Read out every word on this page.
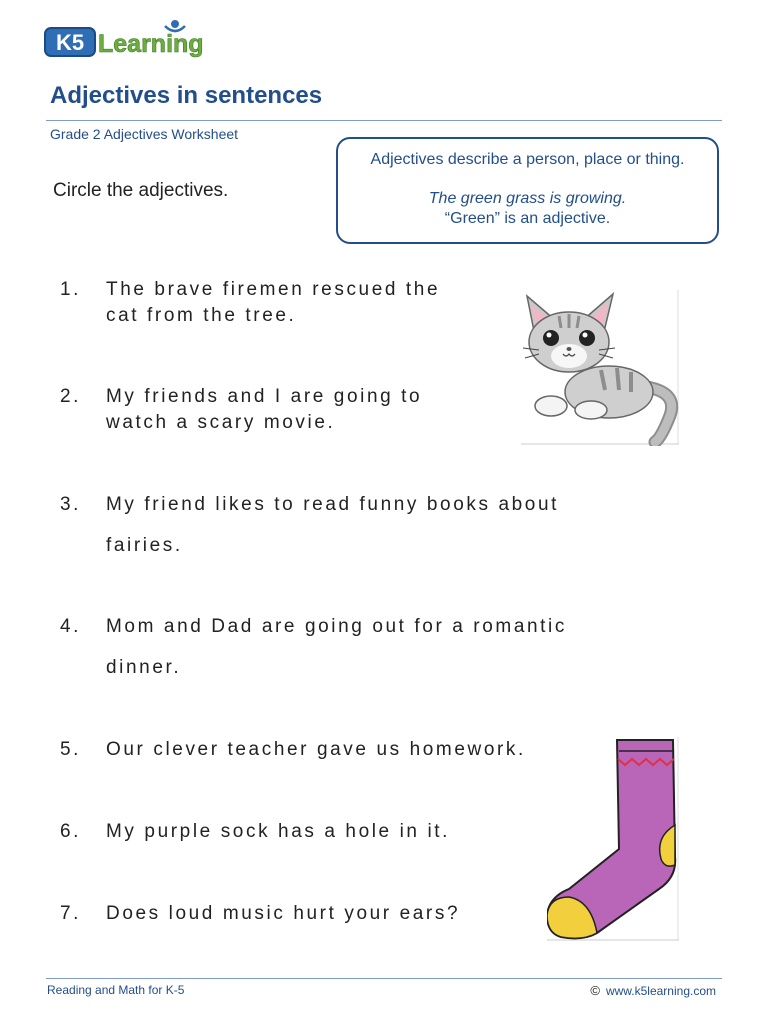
K5 Learning
Adjectives in sentences
Grade 2 Adjectives Worksheet
Circle the adjectives.
Adjectives describe a person, place or thing.
The green grass is growing.
“Green” is an adjective.
1. The brave firemen rescued the
cat from the tree.
2. My friends and I are going to
watch a scary movie.
3. My friend likes to read funny books about
fairies.
4. Mom and Dad are going out for a romantic
dinner.
5. Our clever teacher gave us homework.
6. My purple sock has a hole in it.
7. Does loud music hurt your ears?
Reading and Math for K-5	© www.k5learning.com
